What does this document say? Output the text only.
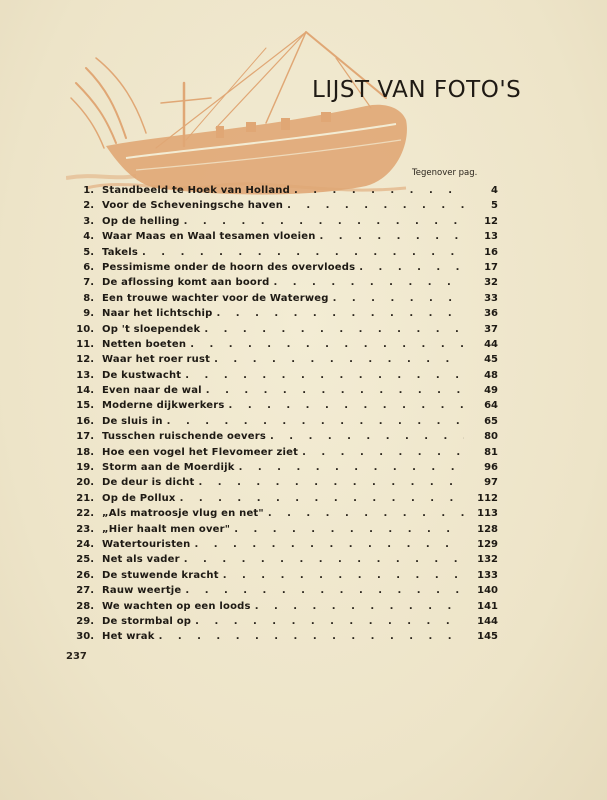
LIJST VAN FOTO'S
Tegenover pag.
1. Standbeeld te Hoek van Holland . . .	4
2. Voor de Scheveningsche haven . . .	5
3. Op de helling . . .	12
4. Waar Maas en Waal tesamen vloeien . . .	13
5. Takels . . .	16
6. Pessimisme onder de hoorn des overvloeds . . .	17
7. De aflossing komt aan boord . . .	32
8. Een trouwe wachter voor de Waterweg . . .	33
9. Naar het lichtschip . . .	36
10. Op 't sloependek . . .	37
11. Netten boeten . . .	44
12. Waar het roer rust . . .	45
13. De kustwacht . . .	48
14. Even naar de wal . . .	49
15. Moderne dijkwerkers . . .	64
16. De sluis in . . .	65
17. Tusschen ruischende oevers . . .	80
18. Hoe een vogel het Flevomeer ziet . . .	81
19. Storm aan de Moerdijk . . .	96
20. De deur is dicht . . .	97
21. Op de Pollux . . .	112
22. „Als matroosje vlug en net" . . .	113
23. „Hier haalt men over" . . .	128
24. Watertouristen . . .	129
25. Net als vader . . .	132
26. De stuwende kracht . . .	133
27. Rauw weertje . . .	140
28. We wachten op een loods . . .	141
29. De stormbal op . . .	144
30. Het wrak . . .	145
237
